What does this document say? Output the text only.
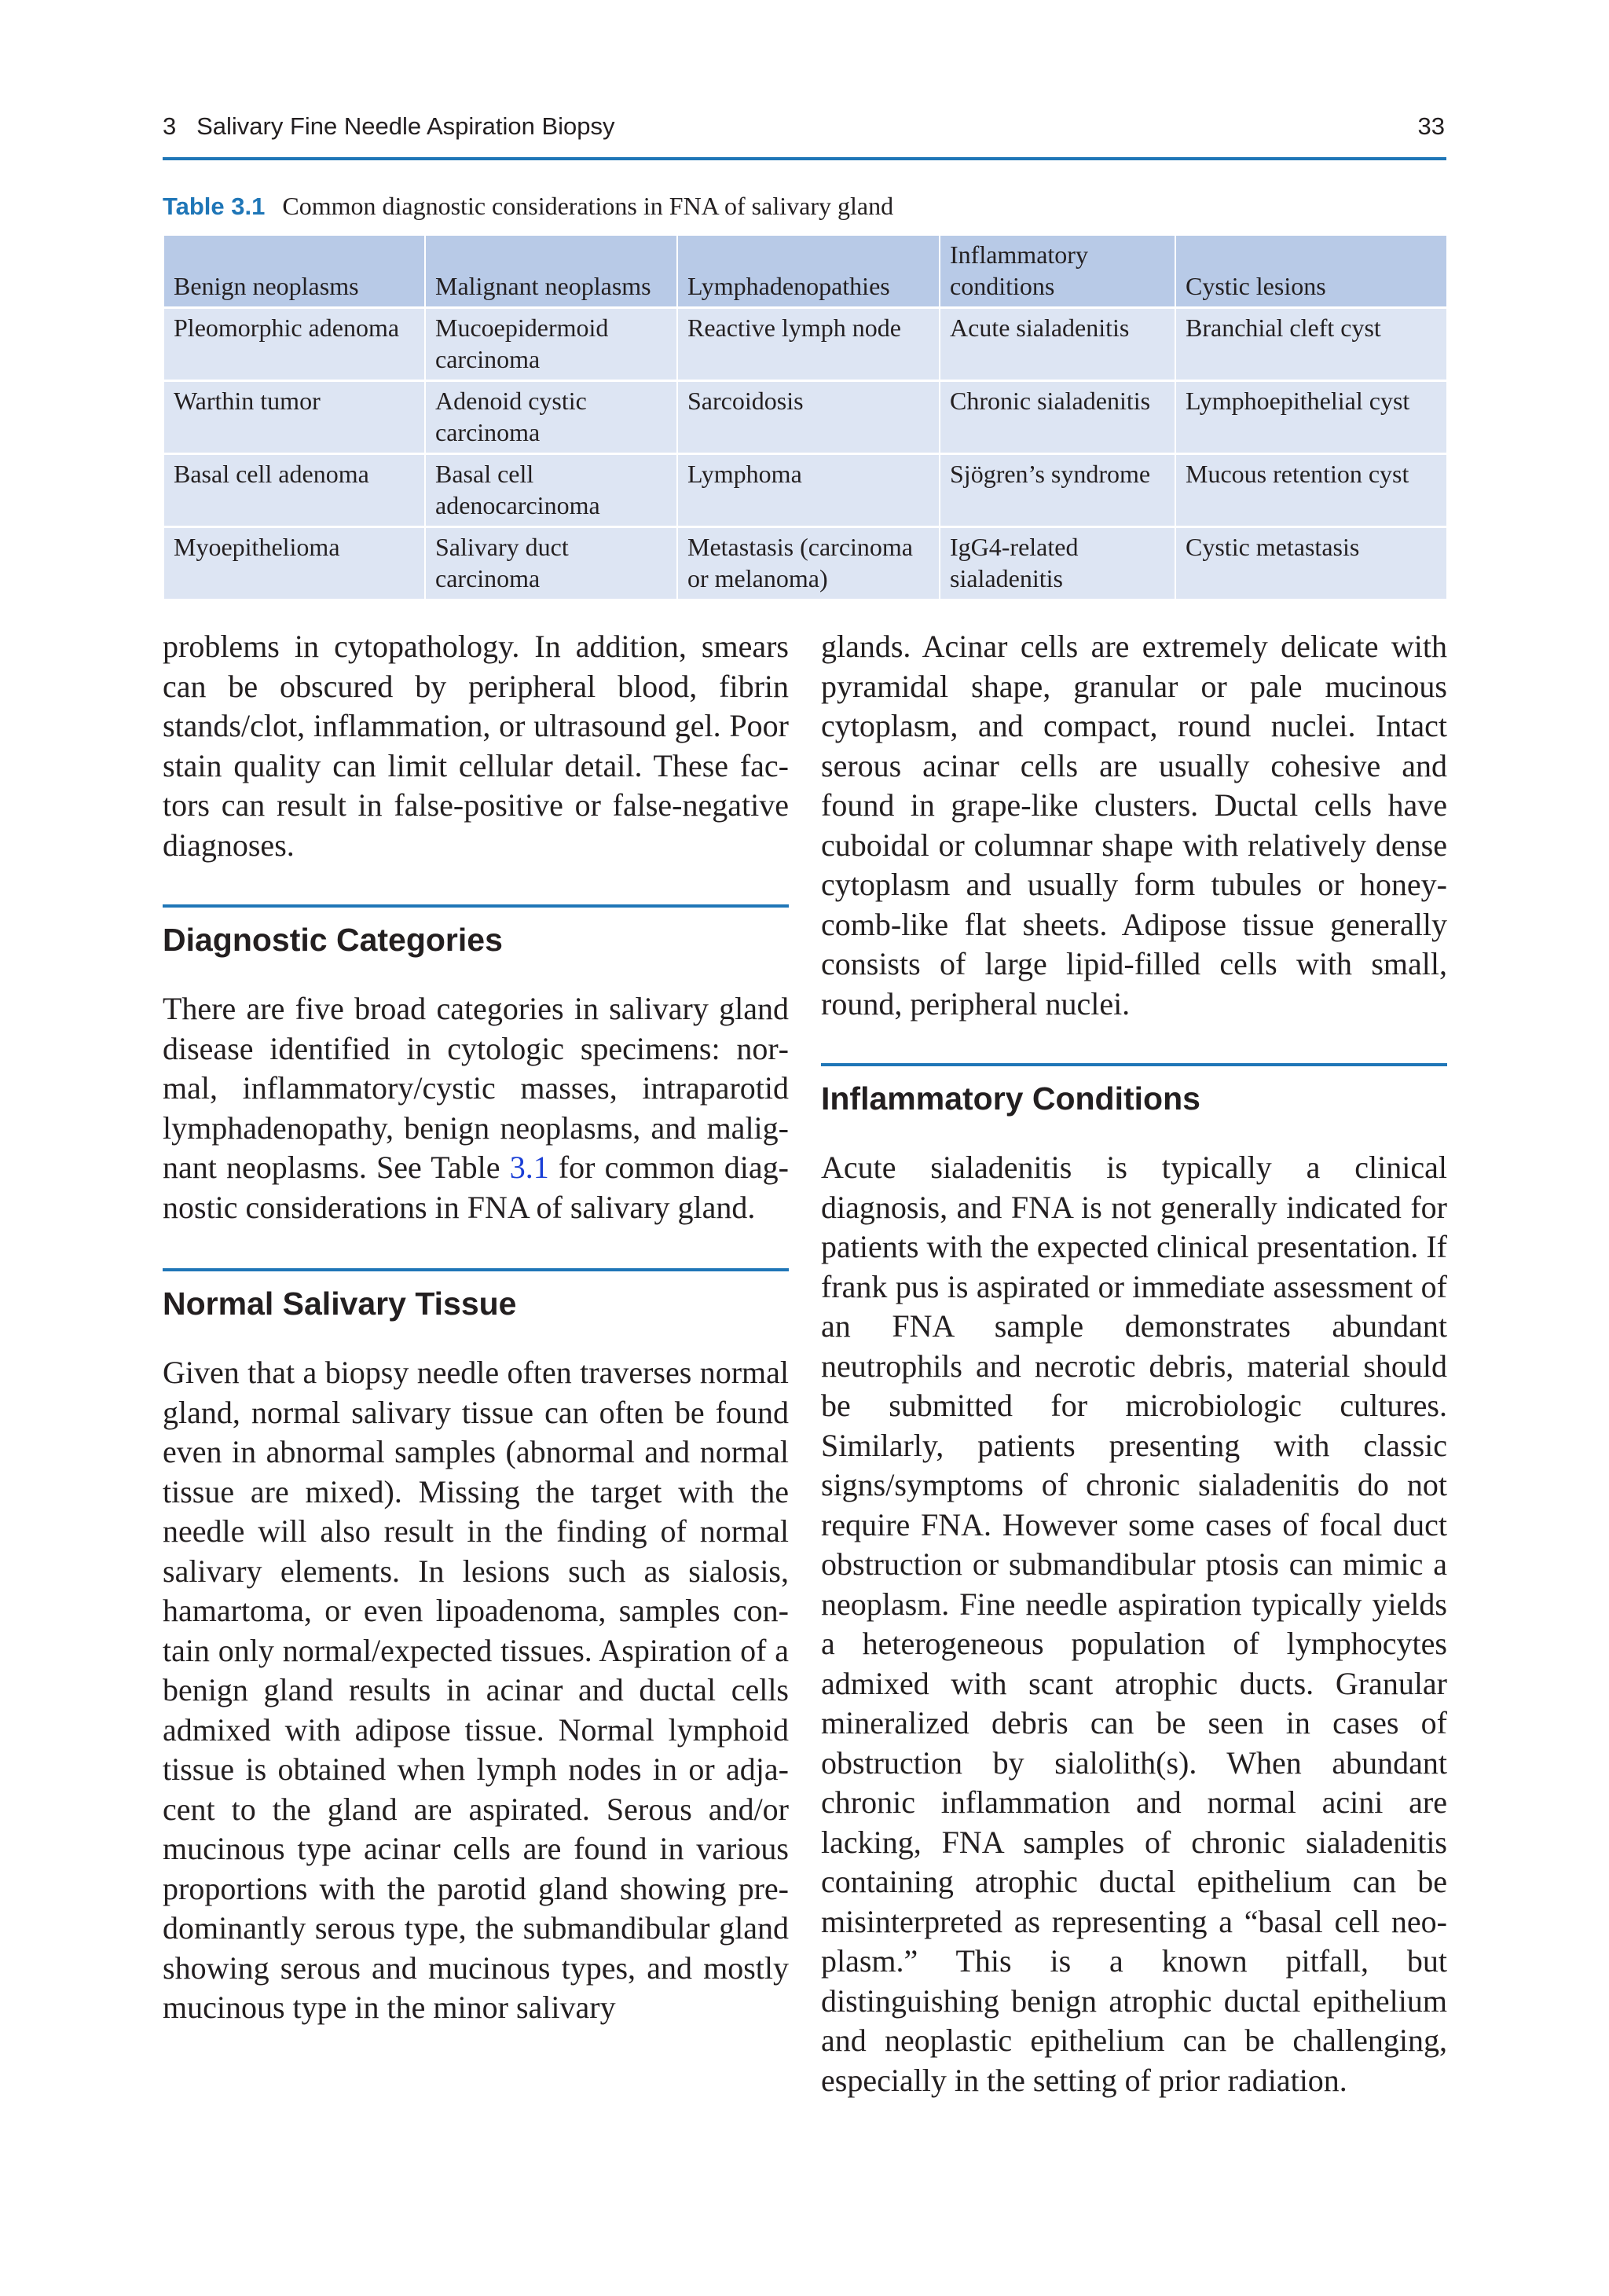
3   Salivary Fine Needle Aspiration Biopsy	33
Table 3.1 Common diagnostic considerations in FNA of salivary gland
Benign neoplasms	Malignant neoplasms	Lymphadenopathies	Inflammatory conditions	Cystic lesions
Pleomorphic adenoma	Mucoepidermoid carcinoma	Reactive lymph node	Acute sialadenitis	Branchial cleft cyst
Warthin tumor	Adenoid cystic carcinoma	Sarcoidosis	Chronic sialadenitis	Lymphoepithelial cyst
Basal cell adenoma	Basal cell adenocarcinoma	Lymphoma	Sjögren’s syndrome	Mucous retention cyst
Myoepithelioma	Salivary duct carcinoma	Metastasis (carcinoma or melanoma)	IgG4-related sialadenitis	Cystic metastasis

problems in cytopathology. In addition, smears can be obscured by peripheral blood, fibrin stands/clot, inflammation, or ultrasound gel. Poor stain quality can limit cellular detail. These factors can result in false-positive or false-negative diagnoses.

Diagnostic Categories

There are five broad categories in salivary gland disease identified in cytologic specimens: normal, inflammatory/cystic masses, intraparotid lymphadenopathy, benign neoplasms, and malignant neoplasms. See Table 3.1 for common diagnostic considerations in FNA of salivary gland.

Normal Salivary Tissue

Given that a biopsy needle often traverses normal gland, normal salivary tissue can often be found even in abnormal samples (abnormal and normal tissue are mixed). Missing the target with the needle will also result in the finding of normal salivary elements. In lesions such as sialosis, hamartoma, or even lipoadenoma, samples contain only normal/expected tissues. Aspiration of a benign gland results in acinar and ductal cells admixed with adipose tissue. Normal lymphoid tissue is obtained when lymph nodes in or adjacent to the gland are aspirated. Serous and/or mucinous type acinar cells are found in various proportions with the parotid gland showing predominantly serous type, the submandibular gland showing serous and mucinous types, and mostly mucinous type in the minor salivary

glands. Acinar cells are extremely delicate with pyramidal shape, granular or pale mucinous cytoplasm, and compact, round nuclei. Intact serous acinar cells are usually cohesive and found in grape-like clusters. Ductal cells have cuboidal or columnar shape with relatively dense cytoplasm and usually form tubules or honeycomb-like flat sheets. Adipose tissue generally consists of large lipid-filled cells with small, round, peripheral nuclei.

Inflammatory Conditions

Acute sialadenitis is typically a clinical diagnosis, and FNA is not generally indicated for patients with the expected clinical presentation. If frank pus is aspirated or immediate assessment of an FNA sample demonstrates abundant neutrophils and necrotic debris, material should be submitted for microbiologic cultures. Similarly, patients presenting with classic signs/symptoms of chronic sialadenitis do not require FNA. However some cases of focal duct obstruction or submandibular ptosis can mimic a neoplasm. Fine needle aspiration typically yields a heterogeneous population of lymphocytes admixed with scant atrophic ducts. Granular mineralized debris can be seen in cases of obstruction by sialolith(s). When abundant chronic inflammation and normal acini are lacking, FNA samples of chronic sialadenitis containing atrophic ductal epithelium can be misinterpreted as representing a “basal cell neoplasm.” This is a known pitfall, but distinguishing benign atrophic ductal epithelium and neoplastic epithelium can be challenging, especially in the setting of prior radiation.
